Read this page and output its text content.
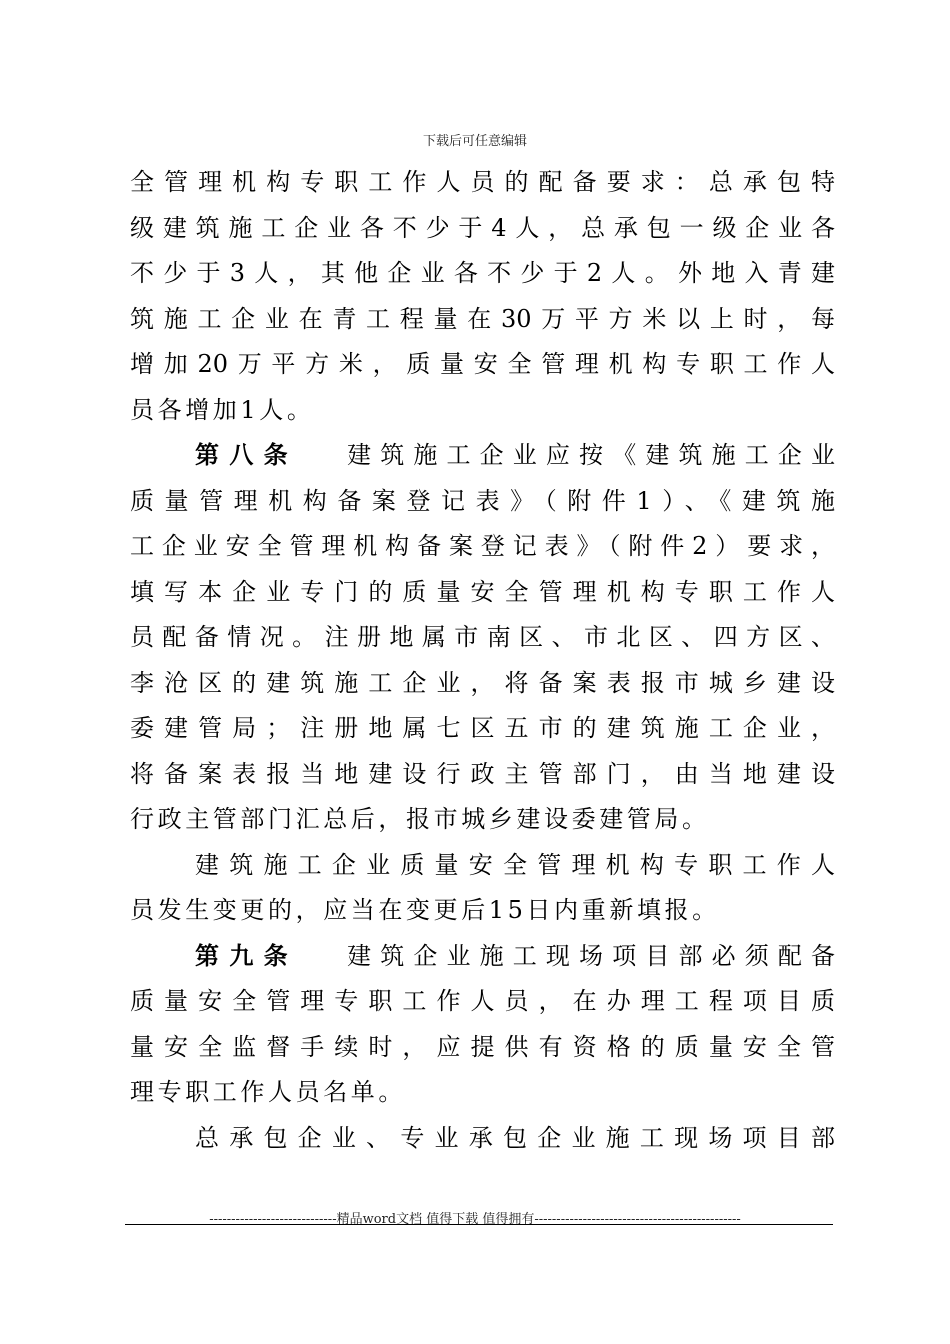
下载后可任意编辑
全管理机构专职工作人员的配备要求：总承包特
级建筑施工企业各不少于4人，总承包一级企业各
不少于3人，其他企业各不少于2人。外地入青建
筑施工企业在青工程量在30万平方米以上时，每
增加20万平方米，质量安全管理机构专职工作人
员各增加1人。
第八条 建筑施工企业应按《建筑施工企业
质量管理机构备案登记表》（附件1）、《建筑施
工企业安全管理机构备案登记表》（附件2）要求，
填写本企业专门的质量安全管理机构专职工作人
员配备情况。注册地属市南区、市北区、四方区、
李沧区的建筑施工企业，将备案表报市城乡建设
委建管局；注册地属七区五市的建筑施工企业，
将备案表报当地建设行政主管部门，由当地建设
行政主管部门汇总后，报市城乡建设委建管局。
建筑施工企业质量安全管理机构专职工作人
员发生变更的，应当在变更后15日内重新填报。
第九条 建筑企业施工现场项目部必须配备
质量安全管理专职工作人员，在办理工程项目质
量安全监督手续时，应提供有资格的质量安全管
理专职工作人员名单。
总承包企业、专业承包企业施工现场项目部
-----------------------------精品word文档 值得下载 值得拥有-----------------------------------------------
